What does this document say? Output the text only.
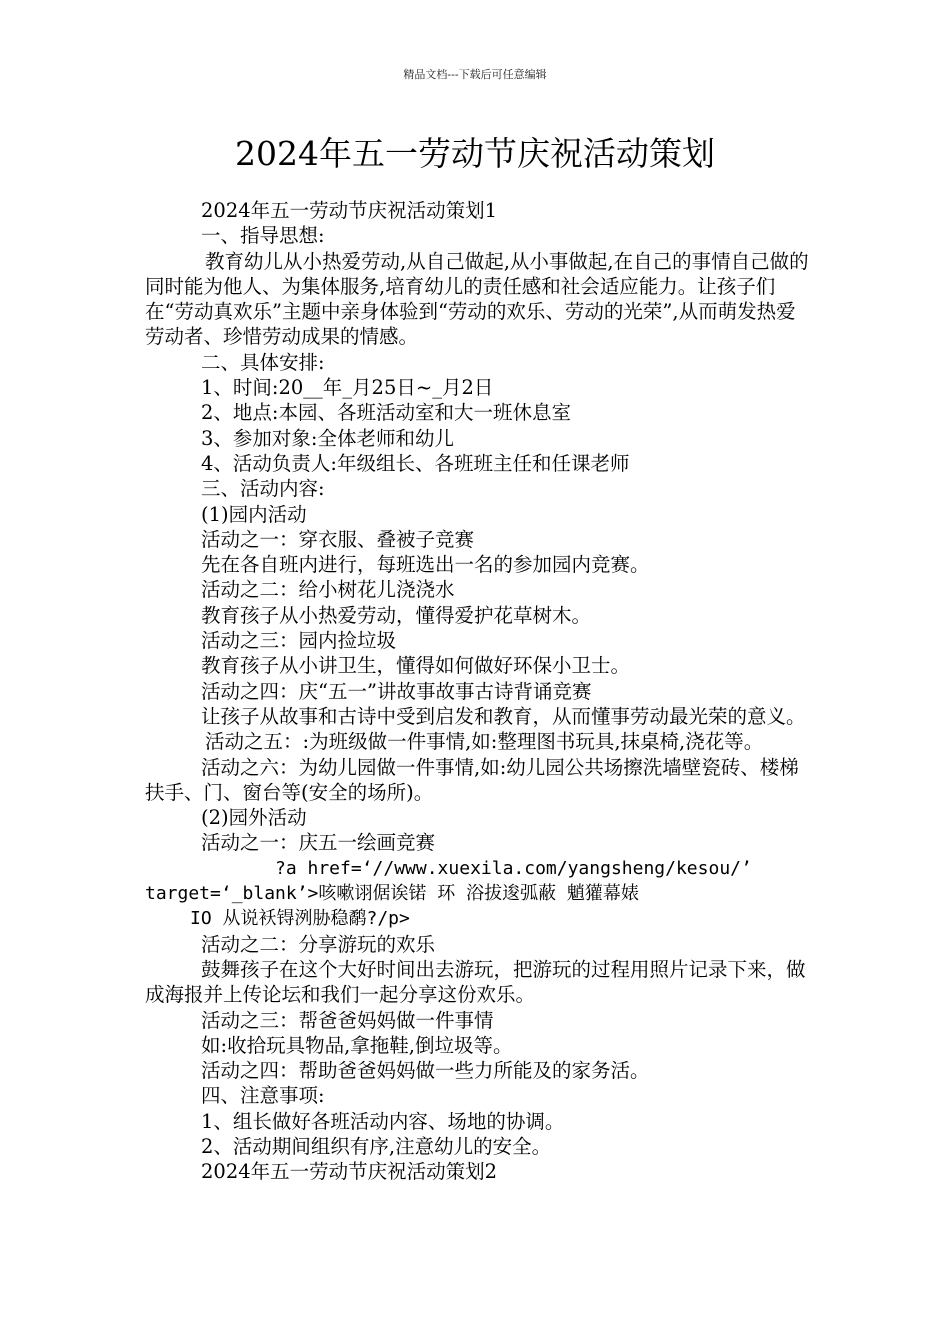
精品文档---下载后可任意编辑
2024年五一劳动节庆祝活动策划

2024年五一劳动节庆祝活动策划1

一、指导思想:

教育幼儿从小热爱劳动,从自己做起,从小事做起,在自己的事情自己做的同时能为他人、为集体服务,培育幼儿的责任感和社会适应能力。让孩子们在“劳动真欢乐”主题中亲身体验到“劳动的欢乐、劳动的光荣”,从而萌发热爱劳动者、珍惜劳动成果的情感。

二、具体安排:

1、时间:20__年_月25日~_月2日

2、地点:本园、各班活动室和大一班休息室

3、参加对象:全体老师和幼儿

4、活动负责人:年级组长、各班班主任和任课老师

三、活动内容:

(1)园内活动

活动之一：穿衣服、叠被子竞赛

先在各自班内进行，每班选出一名的参加园内竞赛。

活动之二：给小树花儿浇浇水

教育孩子从小热爱劳动，懂得爱护花草树木。

活动之三：园内捡垃圾

教育孩子从小讲卫生，懂得如何做好环保小卫士。

活动之四：庆“五一”讲故事故事古诗背诵竞赛

让孩子从故事和古诗中受到启发和教育，从而懂事劳动最光荣的意义。

活动之五：:为班级做一件事情,如:整理图书玩具,抹桌椅,浇花等。

活动之六：为幼儿园做一件事情,如:幼儿园公共场擦洗墙壁瓷砖、楼梯扶手、门、窗台等(安全的场所)。

(2)园外活动

活动之一：庆五一绘画竞赛

?a href=‘//www.xuexila.com/yangsheng/kesou/’

target=‘_blank’>咳嗽诩倨诶锘 环 浴拔逡弧蔽 魈獾幕婊

IO 从说袄锝洌胁稳鹬?/p>

活动之二：分享游玩的欢乐

鼓舞孩子在这个大好时间出去游玩，把游玩的过程用照片记录下来，做成海报并上传论坛和我们一起分享这份欢乐。

活动之三：帮爸爸妈妈做一件事情

如:收拾玩具物品,拿拖鞋,倒垃圾等。

活动之四：帮助爸爸妈妈做一些力所能及的家务活。

四、注意事项:

1、组长做好各班活动内容、场地的协调。

2、活动期间组织有序,注意幼儿的安全。

2024年五一劳动节庆祝活动策划2
